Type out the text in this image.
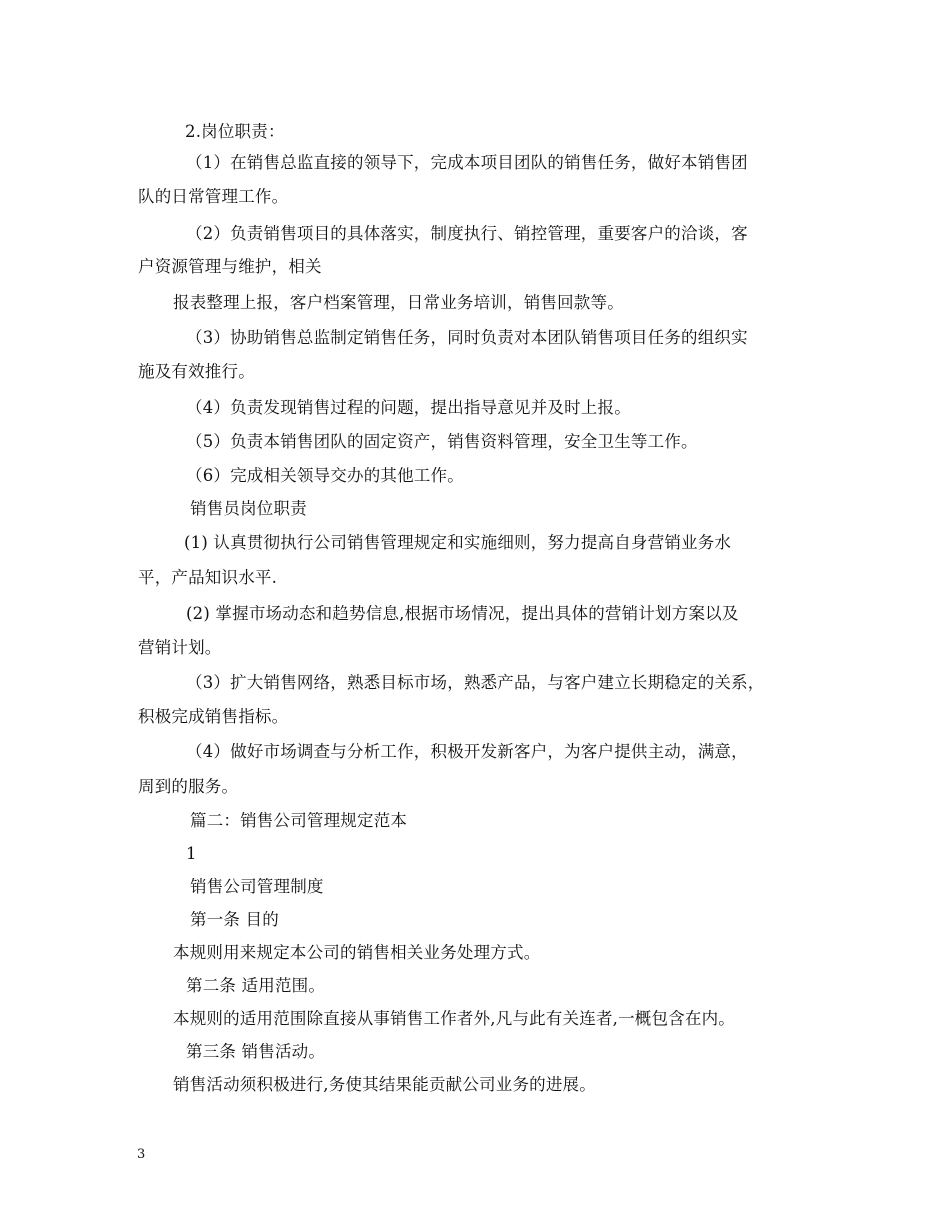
2.岗位职责：
（1）在销售总监直接的领导下，完成本项目团队的销售任务，做好本销售团
队的日常管理工作。
（2）负责销售项目的具体落实，制度执行、销控管理，重要客户的洽谈，客
户资源管理与维护，相关
报表整理上报，客户档案管理，日常业务培训，销售回款等。
（3）协助销售总监制定销售任务，同时负责对本团队销售项目任务的组织实
施及有效推行。
（4）负责发现销售过程的问题，提出指导意见并及时上报。
（5）负责本销售团队的固定资产，销售资料管理，安全卫生等工作。
（6）完成相关领导交办的其他工作。
销售员岗位职责
(1) 认真贯彻执行公司销售管理规定和实施细则，努力提高自身营销业务水
平，产品知识水平.
(2) 掌握市场动态和趋势信息,根据市场情况，提出具体的营销计划方案以及
营销计划。
（3）扩大销售网络，熟悉目标市场，熟悉产品，与客户建立长期稳定的关系，
积极完成销售指标。
（4）做好市场调查与分析工作，积极开发新客户，为客户提供主动，满意，
周到的服务。
篇二：销售公司管理规定范本
1
销售公司管理制度
第一条 目的
本规则用来规定本公司的销售相关业务处理方式。
第二条 适用范围。
本规则的适用范围除直接从事销售工作者外,凡与此有关连者,一概包含在内。
第三条 销售活动。
销售活动须积极进行,务使其结果能贡献公司业务的进展。
3
